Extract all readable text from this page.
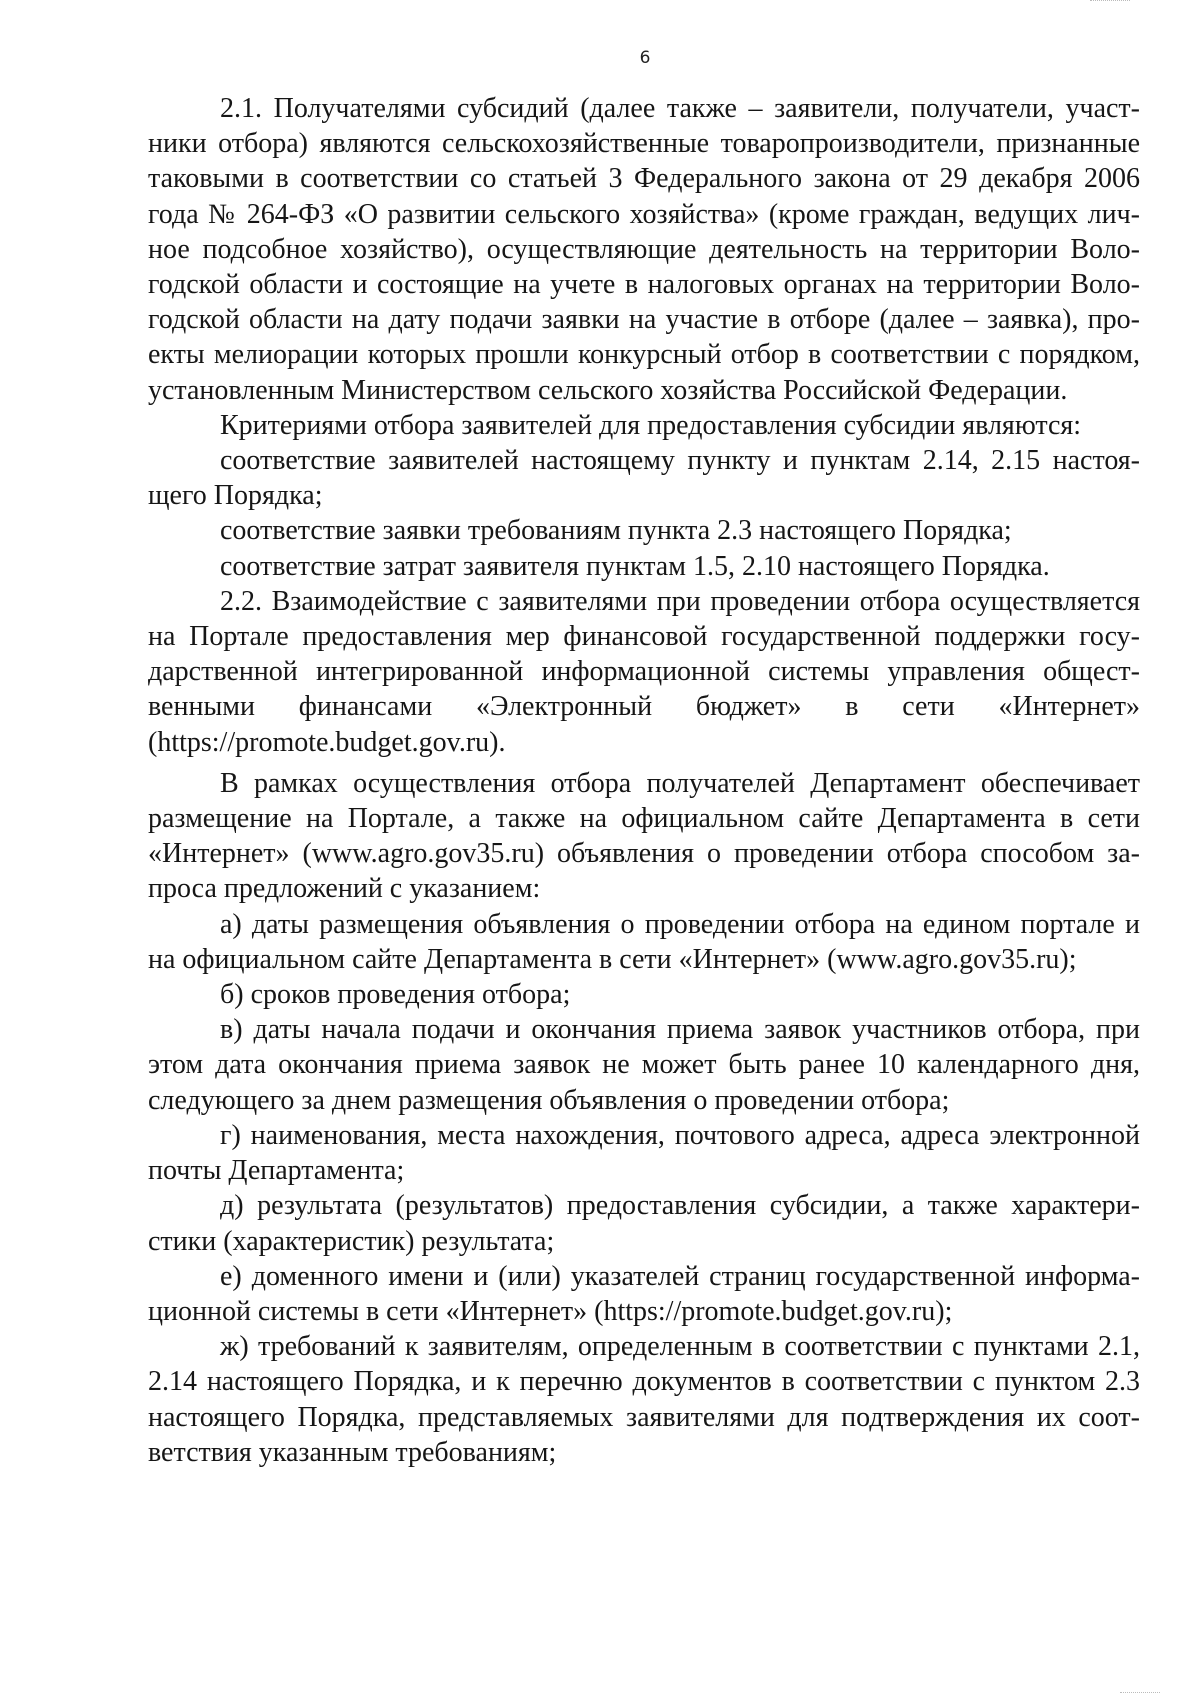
6

2.1. Получателями субсидий (далее также – заявители, получатели, участники отбора) являются сельскохозяйственные товаропроизводители, признанные таковыми в соответствии со статьей 3 Федерального закона от 29 декабря 2006 года № 264-ФЗ «О развитии сельского хозяйства» (кроме граждан, ведущих личное подсобное хозяйство), осуществляющие деятельность на территории Вологодской области и состоящие на учете в налоговых органах на территории Вологодской области на дату подачи заявки на участие в отборе (далее – заявка), проекты мелиорации которых прошли конкурсный отбор в соответствии с порядком, установленным Министерством сельского хозяйства Российской Федерации.

Критериями отбора заявителей для предоставления субсидии являются:

соответствие заявителей настоящему пункту и пунктам 2.14, 2.15 настоящего Порядка;

соответствие заявки требованиям пункта 2.3 настоящего Порядка;

соответствие затрат заявителя пунктам 1.5, 2.10 настоящего Порядка.

2.2. Взаимодействие с заявителями при проведении отбора осуществляется на Портале предоставления мер финансовой государственной поддержки государственной интегрированной информационной системы управления общественными финансами «Электронный бюджет» в сети «Интернет» (https://promote.budget.gov.ru).

В рамках осуществления отбора получателей Департамент обеспечивает размещение на Портале, а также на официальном сайте Департамента в сети «Интернет» (www.agro.gov35.ru) объявления о проведении отбора способом запроса предложений с указанием:

а) даты размещения объявления о проведении отбора на едином портале и на официальном сайте Департамента в сети «Интернет» (www.agro.gov35.ru);

б) сроков проведения отбора;

в) даты начала подачи и окончания приема заявок участников отбора, при этом дата окончания приема заявок не может быть ранее 10 календарного дня, следующего за днем размещения объявления о проведении отбора;

г) наименования, места нахождения, почтового адреса, адреса электронной почты Департамента;

д) результата (результатов) предоставления субсидии, а также характеристики (характеристик) результата;

е) доменного имени и (или) указателей страниц государственной информационной системы в сети «Интернет» (https://promote.budget.gov.ru);

ж) требований к заявителям, определенным в соответствии с пунктами 2.1, 2.14 настоящего Порядка, и к перечню документов в соответствии с пунктом 2.3 настоящего Порядка, представляемых заявителями для подтверждения их соответствия указанным требованиям;
